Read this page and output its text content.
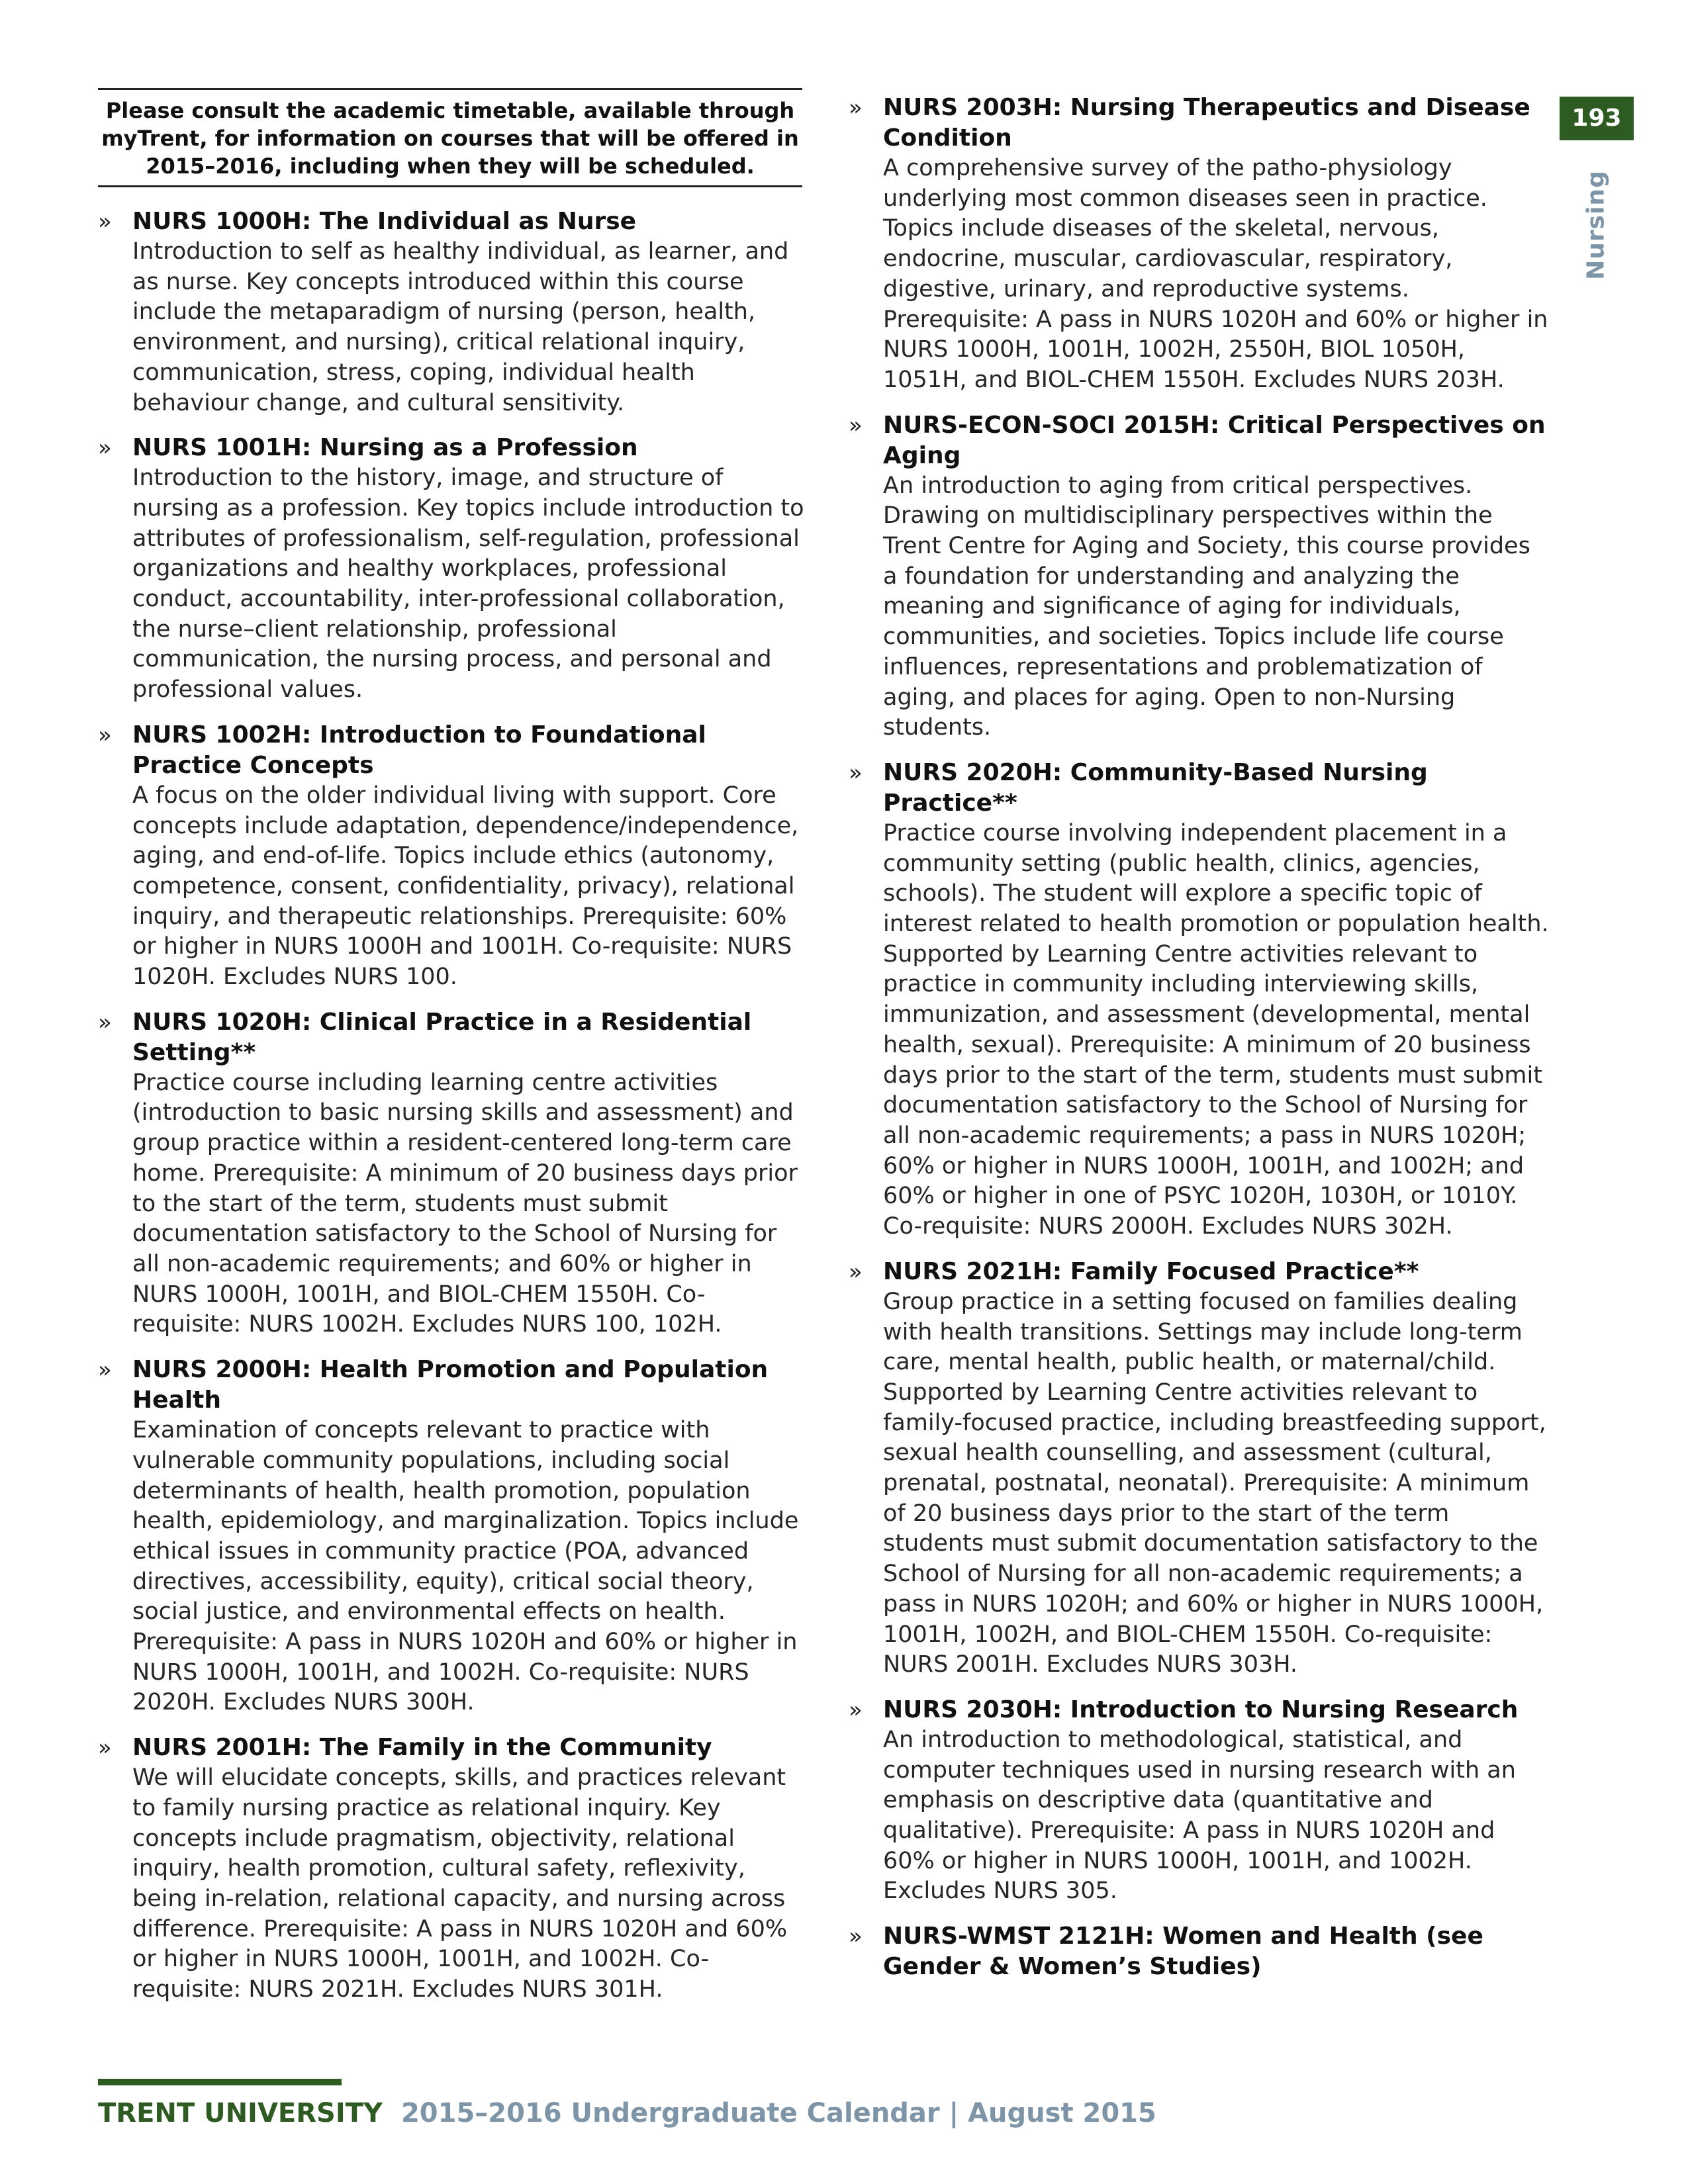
Please consult the academic timetable, available through myTrent, for information on courses that will be offered in 2015–2016, including when they will be scheduled.
» NURS 1000H: The Individual as Nurse
Introduction to self as healthy individual, as learner, and as nurse. Key concepts introduced within this course include the metaparadigm of nursing (person, health, environment, and nursing), critical relational inquiry, communication, stress, coping, individual health behaviour change, and cultural sensitivity.
» NURS 1001H: Nursing as a Profession
Introduction to the history, image, and structure of nursing as a profession. Key topics include introduction to attributes of professionalism, self-regulation, professional organizations and healthy workplaces, professional conduct, accountability, inter-professional collaboration, the nurse–client relationship, professional communication, the nursing process, and personal and professional values.
» NURS 1002H: Introduction to Foundational Practice Concepts
A focus on the older individual living with support. Core concepts include adaptation, dependence/independence, aging, and end-of-life. Topics include ethics (autonomy, competence, consent, confidentiality, privacy), relational inquiry, and therapeutic relationships. Prerequisite: 60% or higher in NURS 1000H and 1001H. Co-requisite: NURS 1020H. Excludes NURS 100.
» NURS 1020H: Clinical Practice in a Residential Setting**
Practice course including learning centre activities (introduction to basic nursing skills and assessment) and group practice within a resident-centered long-term care home. Prerequisite: A minimum of 20 business days prior to the start of the term, students must submit documentation satisfactory to the School of Nursing for all non-academic requirements; and 60% or higher in NURS 1000H, 1001H, and BIOL-CHEM 1550H. Co-requisite: NURS 1002H. Excludes NURS 100, 102H.
» NURS 2000H: Health Promotion and Population Health
Examination of concepts relevant to practice with vulnerable community populations, including social determinants of health, health promotion, population health, epidemiology, and marginalization. Topics include ethical issues in community practice (POA, advanced directives, accessibility, equity), critical social theory, social justice, and environmental effects on health. Prerequisite: A pass in NURS 1020H and 60% or higher in NURS 1000H, 1001H, and 1002H. Co-requisite: NURS 2020H. Excludes NURS 300H.
» NURS 2001H: The Family in the Community
We will elucidate concepts, skills, and practices relevant to family nursing practice as relational inquiry. Key concepts include pragmatism, objectivity, relational inquiry, health promotion, cultural safety, reflexivity, being in-relation, relational capacity, and nursing across difference. Prerequisite: A pass in NURS 1020H and 60% or higher in NURS 1000H, 1001H, and 1002H. Co-requisite: NURS 2021H. Excludes NURS 301H.
» NURS 2003H: Nursing Therapeutics and Disease Condition
A comprehensive survey of the patho-physiology underlying most common diseases seen in practice. Topics include diseases of the skeletal, nervous, endocrine, muscular, cardiovascular, respiratory, digestive, urinary, and reproductive systems. Prerequisite: A pass in NURS 1020H and 60% or higher in NURS 1000H, 1001H, 1002H, 2550H, BIOL 1050H, 1051H, and BIOL-CHEM 1550H. Excludes NURS 203H.
» NURS-ECON-SOCI 2015H: Critical Perspectives on Aging
An introduction to aging from critical perspectives. Drawing on multidisciplinary perspectives within the Trent Centre for Aging and Society, this course provides a foundation for understanding and analyzing the meaning and significance of aging for individuals, communities, and societies. Topics include life course influences, representations and problematization of aging, and places for aging. Open to non-Nursing students.
» NURS 2020H: Community-Based Nursing Practice**
Practice course involving independent placement in a community setting (public health, clinics, agencies, schools). The student will explore a specific topic of interest related to health promotion or population health. Supported by Learning Centre activities relevant to practice in community including interviewing skills, immunization, and assessment (developmental, mental health, sexual). Prerequisite: A minimum of 20 business days prior to the start of the term, students must submit documentation satisfactory to the School of Nursing for all non-academic requirements; a pass in NURS 1020H; 60% or higher in NURS 1000H, 1001H, and 1002H; and 60% or higher in one of PSYC 1020H, 1030H, or 1010Y. Co-requisite: NURS 2000H. Excludes NURS 302H.
» NURS 2021H: Family Focused Practice**
Group practice in a setting focused on families dealing with health transitions. Settings may include long-term care, mental health, public health, or maternal/child. Supported by Learning Centre activities relevant to family-focused practice, including breastfeeding support, sexual health counselling, and assessment (cultural, prenatal, postnatal, neonatal). Prerequisite: A minimum of 20 business days prior to the start of the term students must submit documentation satisfactory to the School of Nursing for all non-academic requirements; a pass in NURS 1020H; and 60% or higher in NURS 1000H, 1001H, 1002H, and BIOL-CHEM 1550H. Co-requisite: NURS 2001H. Excludes NURS 303H.
» NURS 2030H: Introduction to Nursing Research
An introduction to methodological, statistical, and computer techniques used in nursing research with an emphasis on descriptive data (quantitative and qualitative). Prerequisite: A pass in NURS 1020H and 60% or higher in NURS 1000H, 1001H, and 1002H. Excludes NURS 305.
» NURS-WMST 2121H: Women and Health (see Gender & Women’s Studies)
193
Nursing
TRENT UNIVERSITY 2015–2016 Undergraduate Calendar | August 2015
